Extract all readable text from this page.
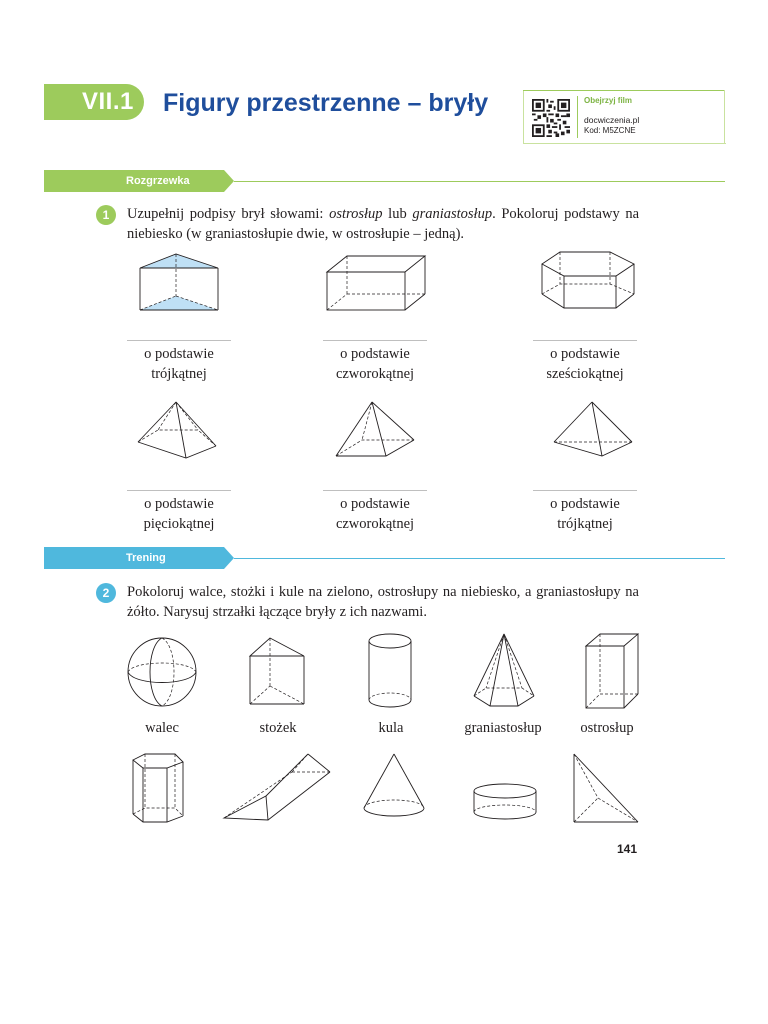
VII.1	Figury przestrzenne – bryły	Obejrzyj film
docwiczenia.pl
Kod: M5ZCNE
Rozgrzewka
1	Uzupełnij podpisy brył słowami: ostrosłup lub graniastosłup. Pokoloruj podstawy na niebiesko (w graniastosłupie dwie, w ostrosłupie – jedną).
o podstawie
trójkątnej
o podstawie
czworokątnej
o podstawie
sześciokątnej
o podstawie
pięciokątnej
o podstawie
czworokątnej
o podstawie
trójkątnej
Trening
2	Pokoloruj walce, stożki i kule na zielono, ostrosłupy na niebiesko, a graniastosłupy na żółto. Narysuj strzałki łączące bryły z ich nazwami.
walec	stożek	kula	graniastosłup	ostrosłup
141
